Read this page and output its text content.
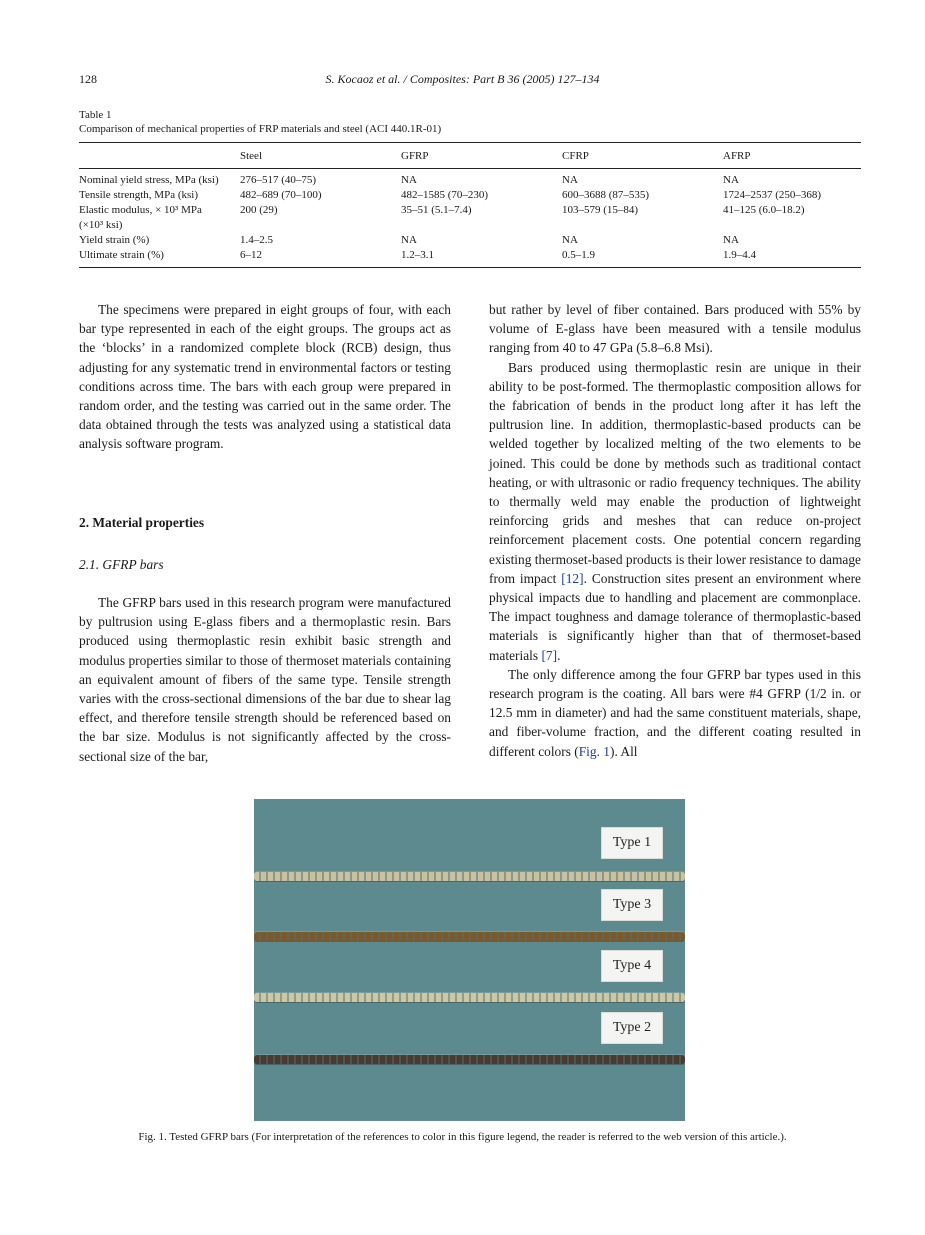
128	S. Kocaoz et al. / Composites: Part B 36 (2005) 127–134
Table 1
Comparison of mechanical properties of FRP materials and steel (ACI 440.1R-01)
	Steel	GFRP	CFRP	AFRP
Nominal yield stress, MPa (ksi)	276–517 (40–75)	NA	NA	NA
Tensile strength, MPa (ksi)	482–689 (70–100)	482–1585 (70–230)	600–3688 (87–535)	1724–2537 (250–368)
Elastic modulus, × 10³ MPa (×10³ ksi)	200 (29)	35–51 (5.1–7.4)	103–579 (15–84)	41–125 (6.0–18.2)
Yield strain (%)	1.4–2.5	NA	NA	NA
Ultimate strain (%)	6–12	1.2–3.1	0.5–1.9	1.9–4.4

The specimens were prepared in eight groups of four, with each bar type represented in each of the eight groups. The groups act as the ‘blocks’ in a randomized complete block (RCB) design, thus adjusting for any systematic trend in environmental factors or testing conditions across time. The bars with each group were prepared in random order, and the testing was carried out in the same order. The data obtained through the tests was analyzed using a statistical data analysis software program.

2. Material properties
2.1. GFRP bars

The GFRP bars used in this research program were manufactured by pultrusion using E-glass fibers and a thermoplastic resin. Bars produced using thermoplastic resin exhibit basic strength and modulus properties similar to those of thermoset materials containing an equivalent amount of fibers of the same type. Tensile strength varies with the cross-sectional dimensions of the bar due to shear lag effect, and therefore tensile strength should be referenced based on the bar size. Modulus is not significantly affected by the cross-sectional size of the bar,

but rather by level of fiber contained. Bars produced with 55% by volume of E-glass have been measured with a tensile modulus ranging from 40 to 47 GPa (5.8–6.8 Msi).

Bars produced using thermoplastic resin are unique in their ability to be post-formed. The thermoplastic composition allows for the fabrication of bends in the product long after it has left the pultrusion line. In addition, thermoplastic-based products can be welded together by localized melting of the two elements to be joined. This could be done by methods such as traditional contact heating, or with ultrasonic or radio frequency techniques. The ability to thermally weld may enable the production of lightweight reinforcing grids and meshes that can reduce on-project reinforcement placement costs. One potential concern regarding existing thermoset-based products is their lower resistance to damage from impact [12]. Construction sites present an environment where physical impacts due to handling and placement are commonplace. The impact toughness and damage tolerance of thermoplastic-based materials is significantly higher than that of thermoset-based materials [7].

The only difference among the four GFRP bar types used in this research program is the coating. All bars were #4 GFRP (1/2 in. or 12.5 mm in diameter) and had the same constituent materials, shape, and fiber-volume fraction, and the different coating resulted in different colors (Fig. 1). All

Type 1
Type 3
Type 4
Type 2
Fig. 1. Tested GFRP bars (For interpretation of the references to color in this figure legend, the reader is referred to the web version of this article.).
